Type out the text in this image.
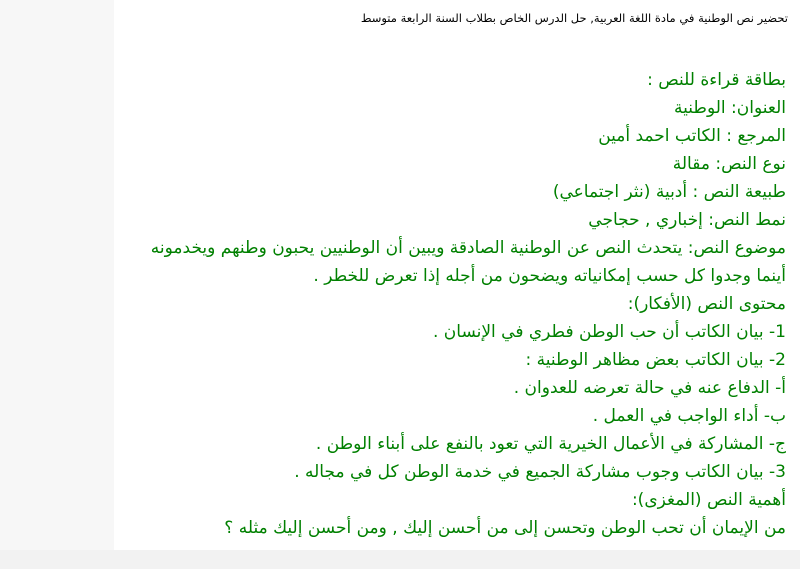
تحضير نص الوطنية في مادة اللغة العربية, حل الدرس الخاص بطلاب السنة الرابعة متوسط
بطاقة قراءة للنص :
العنوان: الوطنية
المرجع : الكاتب احمد أمين
نوع النص: مقالة
طبيعة النص : أدبية (نثر اجتماعي)
نمط النص: إخباري , حجاجي
موضوع النص: يتحدث النص عن الوطنية الصادقة ويبين أن الوطنيين يحبون وطنهم ويخدمونه أينما وجدوا كل حسب إمكانياته ويضحون من أجله إذا تعرض للخطر .
محتوى النص (الأفكار):
1- بيان الكاتب أن حب الوطن فطري في الإنسان .
2- بيان الكاتب بعض مظاهر الوطنية :
أ- الدفاع عنه في حالة تعرضه للعدوان .
ب- أداء الواجب في العمل .
ج- المشاركة في الأعمال الخيرية التي تعود بالنفع على أبناء الوطن .
3- بيان الكاتب وجوب مشاركة الجميع في خدمة الوطن كل في مجاله .
أهمية النص (المغزى):
من الإيمان أن تحب الوطن وتحسن إلى من أحسن إليك , ومن أحسن إليك مثله ؟
